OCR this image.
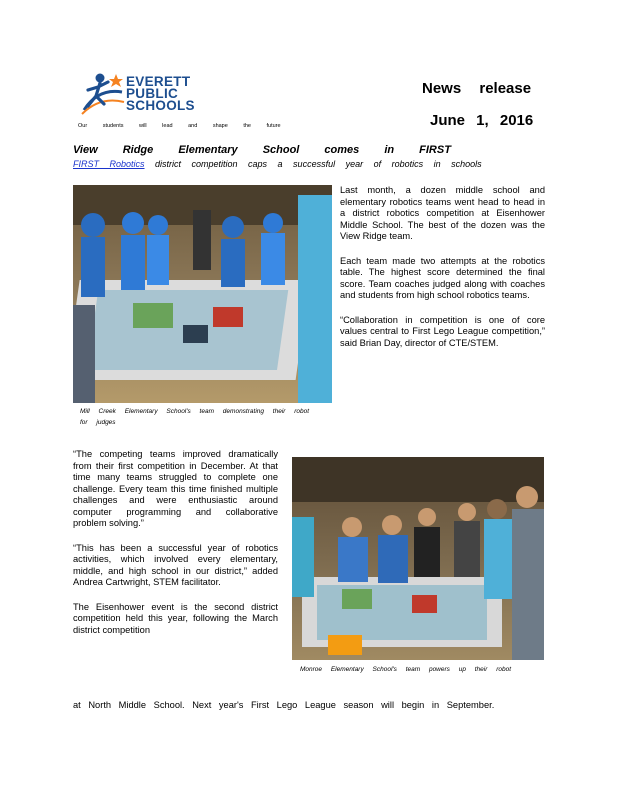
EVERETT
PUBLIC
SCHOOLS
Our students will lead and shape the future
News release
June 1, 2016
View Ridge Elementary School comes in FIRST
FIRST Robotics district competition caps a successful year of robotics in schools
Mill Creek Elementary School's team demonstrating their robot for judges

Last month, a dozen middle school and elementary robotics teams went head to head in a district robotics competition at Eisenhower Middle School. The best of the dozen was the View Ridge team.

Each team made two attempts at the robotics table. The highest score determined the final score. Team coaches judged along with coaches and students from high school robotics teams.

“Collaboration in competition is one of core values central to First Lego League competition,” said Brian Day, director of CTE/STEM.

“The competing teams improved dramatically from their first competition in December. At that time many teams struggled to complete one challenge. Every team this time finished multiple challenges and were enthusiastic around computer programming and collaborative problem solving.”

“This has been a successful year of robotics activities, which involved every elementary, middle, and high school in our district,” added Andrea Cartwright, STEM facilitator.

The Eisenhower event is the second district competition held this year, following the March district competition

Monroe Elementary School's team powers up their robot
at North Middle School. Next year's First Lego League season will begin in September.
